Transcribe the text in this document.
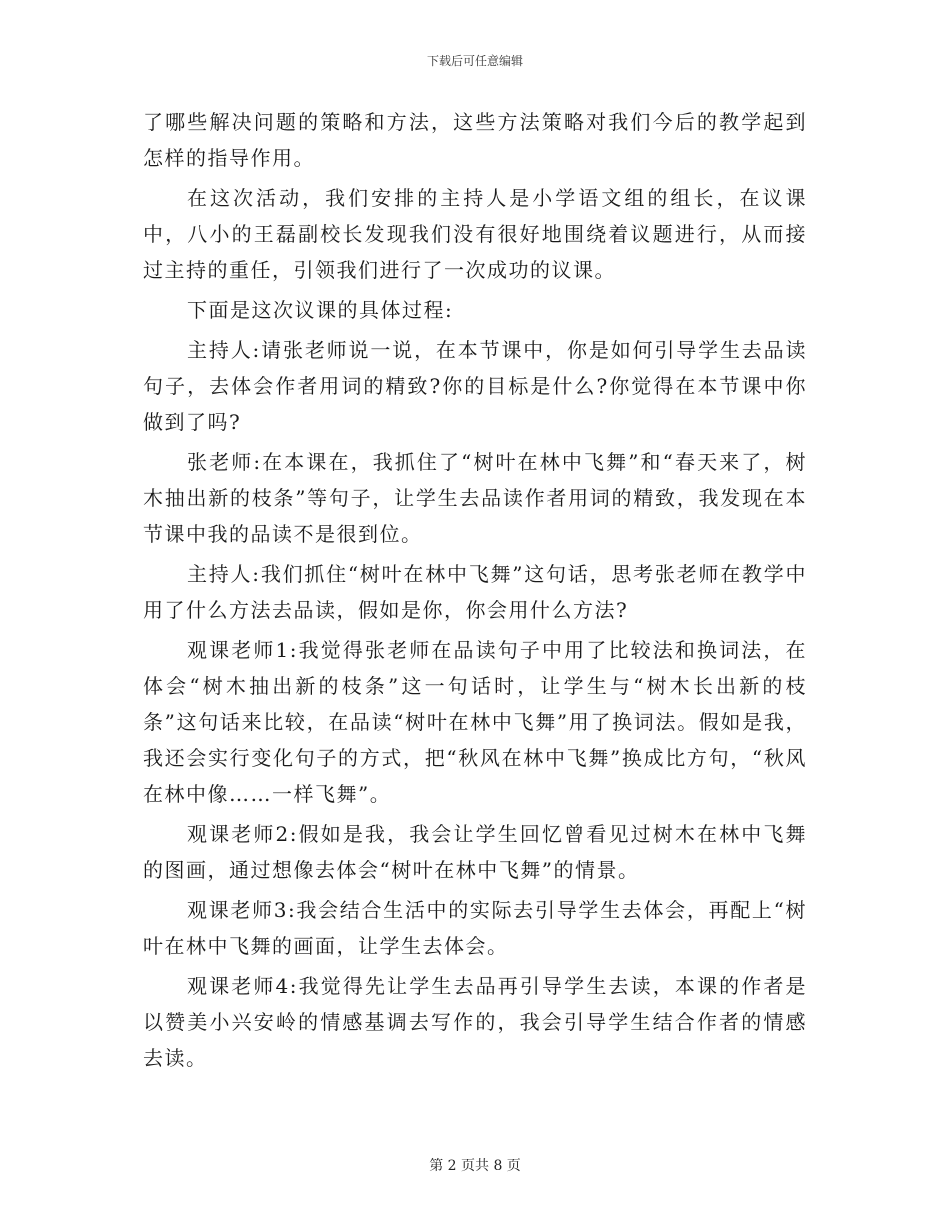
下载后可任意编辑

了哪些解决问题的策略和方法，这些方法策略对我们今后的教学起到怎样的指导作用。

在这次活动，我们安排的主持人是小学语文组的组长，在议课中，八小的王磊副校长发现我们没有很好地围绕着议题进行，从而接过主持的重任，引领我们进行了一次成功的议课。

下面是这次议课的具体过程:

主持人:请张老师说一说，在本节课中，你是如何引导学生去品读句子，去体会作者用词的精致?你的目标是什么?你觉得在本节课中你做到了吗?

张老师:在本课在，我抓住了“树叶在林中飞舞”和“春天来了，树木抽出新的枝条”等句子，让学生去品读作者用词的精致，我发现在本节课中我的品读不是很到位。

主持人:我们抓住“树叶在林中飞舞”这句话，思考张老师在教学中用了什么方法去品读，假如是你，你会用什么方法?

观课老师1:我觉得张老师在品读句子中用了比较法和换词法，在体会“树木抽出新的枝条”这一句话时，让学生与“树木长出新的枝条”这句话来比较，在品读“树叶在林中飞舞”用了换词法。假如是我，我还会实行变化句子的方式，把“秋风在林中飞舞”换成比方句，“秋风在林中像……一样飞舞”。

观课老师2:假如是我，我会让学生回忆曾看见过树木在林中飞舞的图画，通过想像去体会“树叶在林中飞舞”的情景。

观课老师3:我会结合生活中的实际去引导学生去体会，再配上“树叶在林中飞舞的画面，让学生去体会。

观课老师4:我觉得先让学生去品再引导学生去读，本课的作者是以赞美小兴安岭的情感基调去写作的，我会引导学生结合作者的情感去读。

第 2 页共 8 页
